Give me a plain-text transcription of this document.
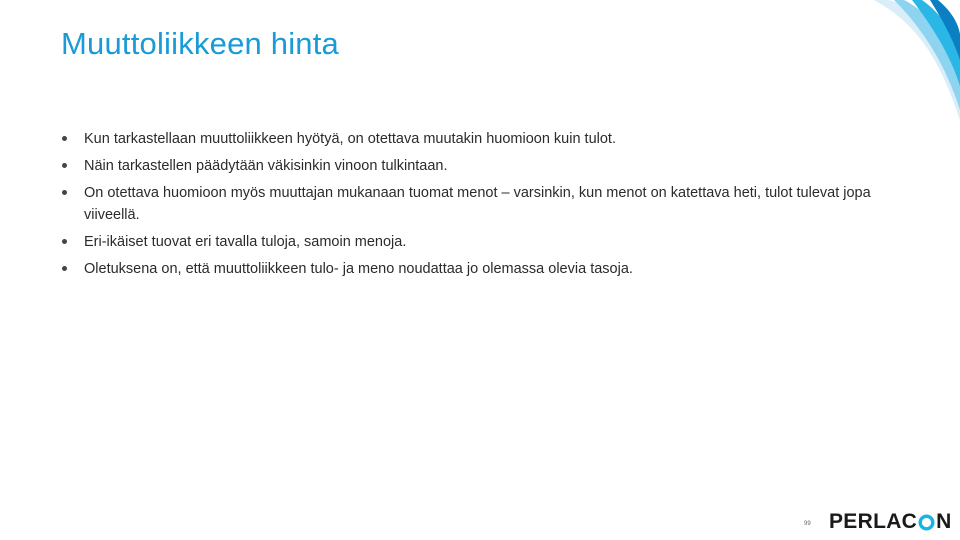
Muuttoliikkeen hinta
Kun tarkastellaan muuttoliikkeen hyötyä, on otettava muutakin huomioon kuin tulot.
Näin tarkastellen päädytään väkisinkin vinoon tulkintaan.
On otettava huomioon myös muuttajan mukanaan tuomat menot – varsinkin, kun menot on katettava heti, tulot tulevat jopa viiveellä.
Eri-ikäiset tuovat eri tavalla tuloja, samoin menoja.
Oletuksena on, että muuttoliikkeen tulo- ja meno noudattaa jo olemassa olevia tasoja.
99 PERLAC N
